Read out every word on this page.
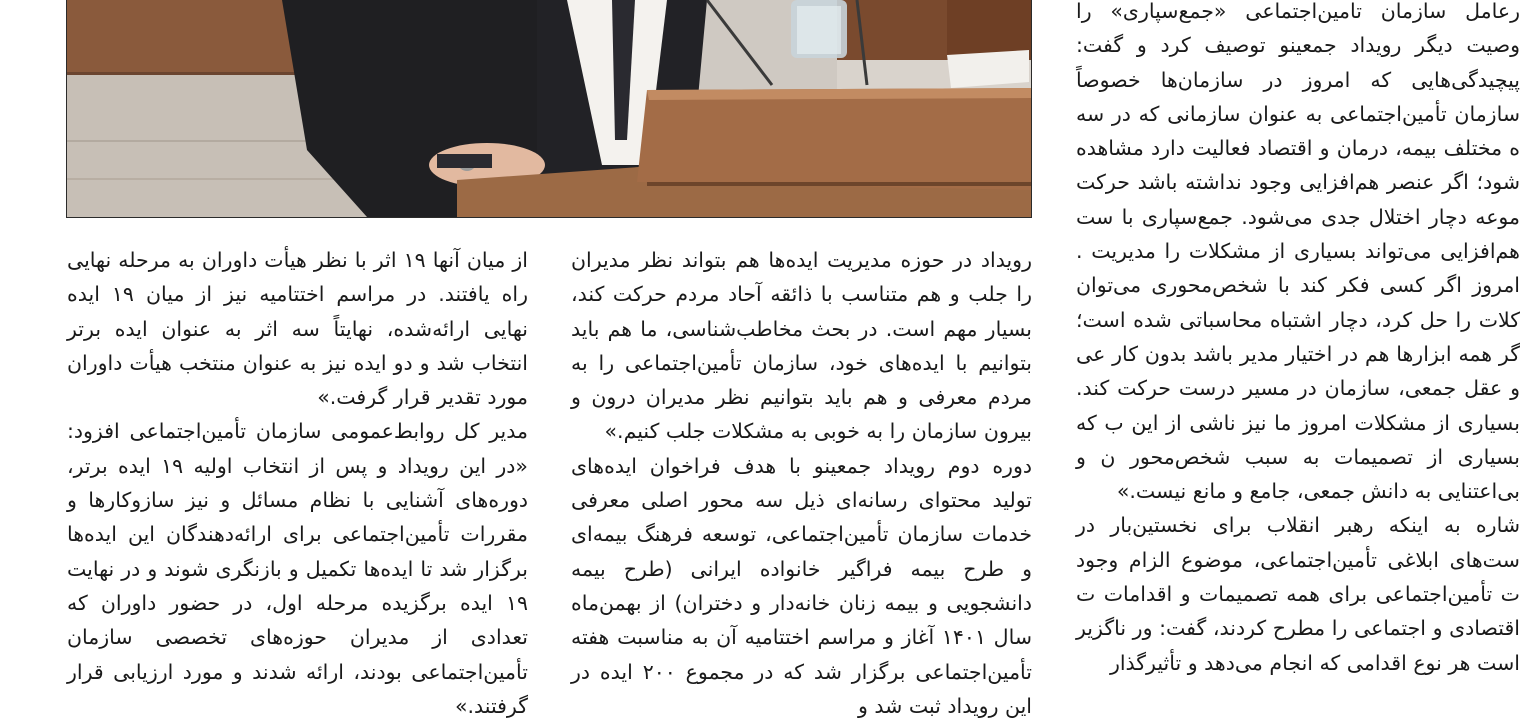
رعامل سازمان تامین‌اجتماعی «جمع‌سپاری» را وصیت دیگر رویداد جمعینو توصیف کرد و گفت: پیچیدگی‌هایی که امروز در سازمان‌ها خصوصاً سازمان تأمین‌اجتماعی به عنوان سازمانی که در سه ه مختلف بیمه، درمان و اقتصاد فعالیت دارد مشاهده شود؛ اگر عنصر هم‌افزایی وجود نداشته باشد حرکت موعه دچار اختلال جدی می‌شود. جمع‌سپاری با ست هم‌افزایی می‌تواند بسیاری از مشکلات را مدیریت . امروز اگر کسی فکر کند با شخص‌محوری می‌توان کلات را حل کرد، دچار اشتباه محاسباتی شده است؛ گر همه ابزارها هم در اختیار مدیر باشد بدون کار عی و عقل جمعی، سازمان در مسیر درست حرکت کند. بسیاری از مشکلات امروز ما نیز ناشی از این ب که بسیاری از تصمیمات به سبب شخص‌محور ن و بی‌اعتنایی به دانش جمعی، جامع و مانع نیست.»

شاره به اینکه رهبر انقلاب برای نخستین‌بار در ست‌های ابلاغی تأمین‌اجتماعی، موضوع الزام وجود ت تأمین‌اجتماعی برای همه تصمیمات و اقدامات ت اقتصادی و اجتماعی را مطرح کردند، گفت: ور ناگزیر است هر نوع اقدامی که انجام می‌دهد و تأثیرگذار

رویداد در حوزه مدیریت ایده‌ها هم بتواند نظر مدیران را جلب و هم متناسب با ذائقه آحاد مردم حرکت کند، بسیار مهم است. در بحث مخاطب‌شناسی، ما هم باید بتوانیم با ایده‌های خود، سازمان تأمین‌اجتماعی را به مردم معرفی و هم باید بتوانیم نظر مدیران درون و بیرون سازمان را به خوبی به مشکلات جلب کنیم.»

دوره دوم رویداد جمعینو با هدف فراخوان ایده‌های تولید محتوای رسانه‌ای ذیل سه محور اصلی معرفی خدمات سازمان تأمین‌اجتماعی، توسعه فرهنگ بیمه‌ای و طرح بیمه فراگیر خانواده ایرانی (طرح بیمه دانشجویی و بیمه زنان خانه‌دار و دختران) از بهمن‌ماه سال ۱۴۰۱ آغاز و مراسم اختتامیه آن به مناسبت هفته تأمین‌اجتماعی برگزار شد که در مجموع ۲۰۰ ایده در این رویداد ثبت شد و

از میان آنها ۱۹ اثر با نظر هیأت داوران به مرحله نهایی راه یافتند. در مراسم اختتامیه نیز از میان ۱۹ ایده نهایی ارائه‌شده، نهایتاً سه اثر به عنوان ایده برتر انتخاب شد و دو ایده نیز به عنوان منتخب هیأت داوران مورد تقدیر قرار گرفت.»

مدیر کل روابط‌عمومی سازمان تأمین‌اجتماعی افزود: «در این رویداد و پس از انتخاب اولیه ۱۹ ایده برتر، دوره‌های آشنایی با نظام مسائل و نیز سازوکارها و مقررات تأمین‌اجتماعی برای ارائه‌دهندگان این ایده‌ها برگزار شد تا ایده‌ها تکمیل و بازنگری شوند و در نهایت ۱۹ ایده برگزیده مرحله اول، در حضور داوران که تعدادی از مدیران حوزه‌های تخصصی سازمان تأمین‌اجتماعی بودند، ارائه شدند و مورد ارزیابی قرار گرفتند.»
